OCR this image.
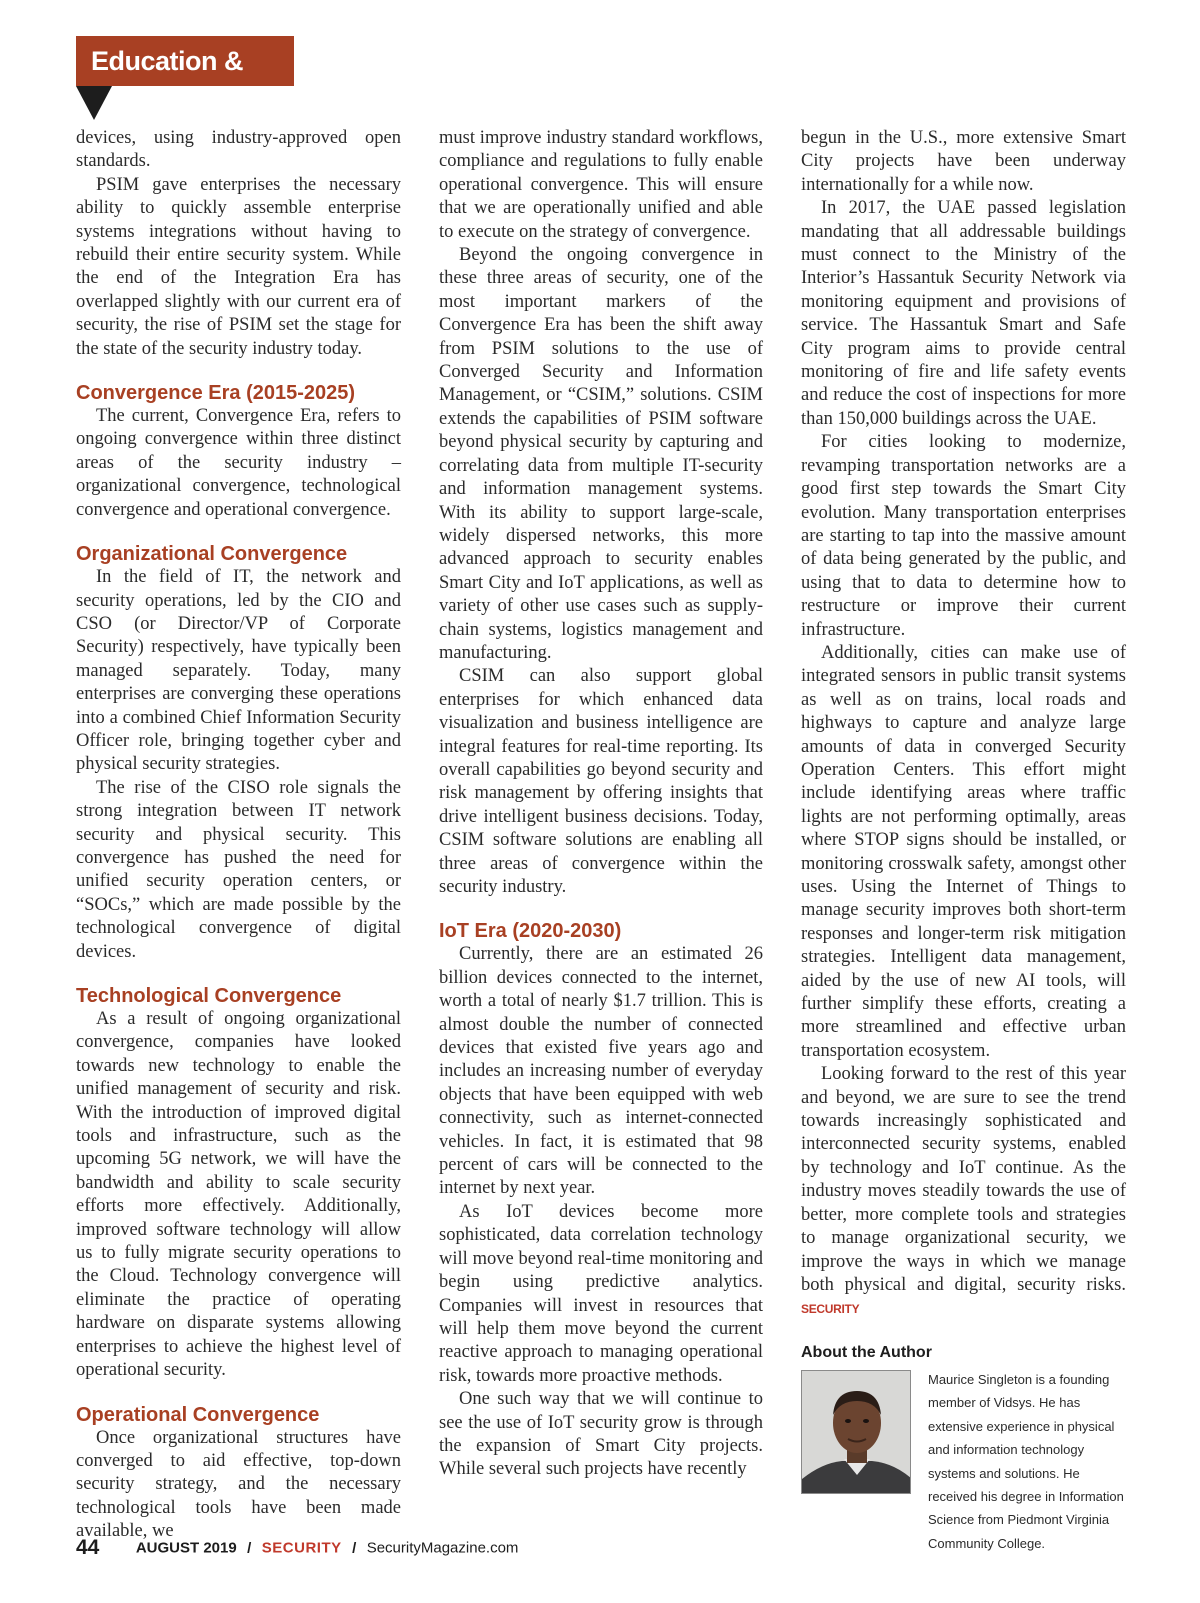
Education & Training

devices, using industry-approved open standards.

PSIM gave enterprises the necessary ability to quickly assemble enterprise systems integrations without having to rebuild their entire security system. While the end of the Integration Era has overlapped slightly with our current era of security, the rise of PSIM set the stage for the state of the security industry today.

Convergence Era (2015-2025)

The current, Convergence Era, refers to ongoing convergence within three distinct areas of the security industry – organizational convergence, technological convergence and operational convergence.

Organizational Convergence

In the field of IT, the network and security operations, led by the CIO and CSO (or Director/VP of Corporate Security) respectively, have typically been managed separately. Today, many enterprises are converging these operations into a combined Chief Information Security Officer role, bringing together cyber and physical security strategies.

The rise of the CISO role signals the strong integration between IT network security and physical security. This convergence has pushed the need for unified security operation centers, or “SOCs,” which are made possible by the technological convergence of digital devices.

Technological Convergence

As a result of ongoing organizational convergence, companies have looked towards new technology to enable the unified management of security and risk. With the introduction of improved digital tools and infrastructure, such as the upcoming 5G network, we will have the bandwidth and ability to scale security efforts more effectively. Additionally, improved software technology will allow us to fully migrate security operations to the Cloud. Technology convergence will eliminate the practice of operating hardware on disparate systems allowing enterprises to achieve the highest level of operational security.

Operational Convergence

Once organizational structures have converged to aid effective, top-down security strategy, and the necessary technological tools have been made available, we

must improve industry standard workflows, compliance and regulations to fully enable operational convergence. This will ensure that we are operationally unified and able to execute on the strategy of convergence.

Beyond the ongoing convergence in these three areas of security, one of the most important markers of the Convergence Era has been the shift away from PSIM solutions to the use of Converged Security and Information Management, or “CSIM,” solutions. CSIM extends the capabilities of PSIM software beyond physical security by capturing and correlating data from multiple IT-security and information management systems. With its ability to support large-scale, widely dispersed networks, this more advanced approach to security enables Smart City and IoT applications, as well as variety of other use cases such as supply-chain systems, logistics management and manufacturing.

CSIM can also support global enterprises for which enhanced data visualization and business intelligence are integral features for real-time reporting. Its overall capabilities go beyond security and risk management by offering insights that drive intelligent business decisions. Today, CSIM software solutions are enabling all three areas of convergence within the security industry.

IoT Era (2020-2030)

Currently, there are an estimated 26 billion devices connected to the internet, worth a total of nearly $1.7 trillion. This is almost double the number of connected devices that existed five years ago and includes an increasing number of everyday objects that have been equipped with web connectivity, such as internet-connected vehicles. In fact, it is estimated that 98 percent of cars will be connected to the internet by next year.

As IoT devices become more sophisticated, data correlation technology will move beyond real-time monitoring and begin using predictive analytics. Companies will invest in resources that will help them move beyond the current reactive approach to managing operational risk, towards more proactive methods.

One such way that we will continue to see the use of IoT security grow is through the expansion of Smart City projects. While several such projects have recently

begun in the U.S., more extensive Smart City projects have been underway internationally for a while now.

In 2017, the UAE passed legislation mandating that all addressable buildings must connect to the Ministry of the Interior’s Hassantuk Security Network via monitoring equipment and provisions of service. The Hassantuk Smart and Safe City program aims to provide central monitoring of fire and life safety events and reduce the cost of inspections for more than 150,000 buildings across the UAE.

For cities looking to modernize, revamping transportation networks are a good first step towards the Smart City evolution. Many transportation enterprises are starting to tap into the massive amount of data being generated by the public, and using that to data to determine how to restructure or improve their current infrastructure.

Additionally, cities can make use of integrated sensors in public transit systems as well as on trains, local roads and highways to capture and analyze large amounts of data in converged Security Operation Centers. This effort might include identifying areas where traffic lights are not performing optimally, areas where STOP signs should be installed, or monitoring crosswalk safety, amongst other uses. Using the Internet of Things to manage security improves both short-term responses and longer-term risk mitigation strategies. Intelligent data management, aided by the use of new AI tools, will further simplify these efforts, creating a more streamlined and effective urban transportation ecosystem.

Looking forward to the rest of this year and beyond, we are sure to see the trend towards increasingly sophisticated and interconnected security systems, enabled by technology and IoT continue. As the industry moves steadily towards the use of better, more complete tools and strategies to manage organizational security, we improve the ways in which we manage both physical and digital, security risks. SECURITY

About the Author
Maurice Singleton is a founding member of Vidsys. He has extensive experience in physical and information technology systems and solutions. He received his degree in Information Science from Piedmont Virginia Community College.
44 AUGUST 2019 / SECURITY / SecurityMagazine.com
